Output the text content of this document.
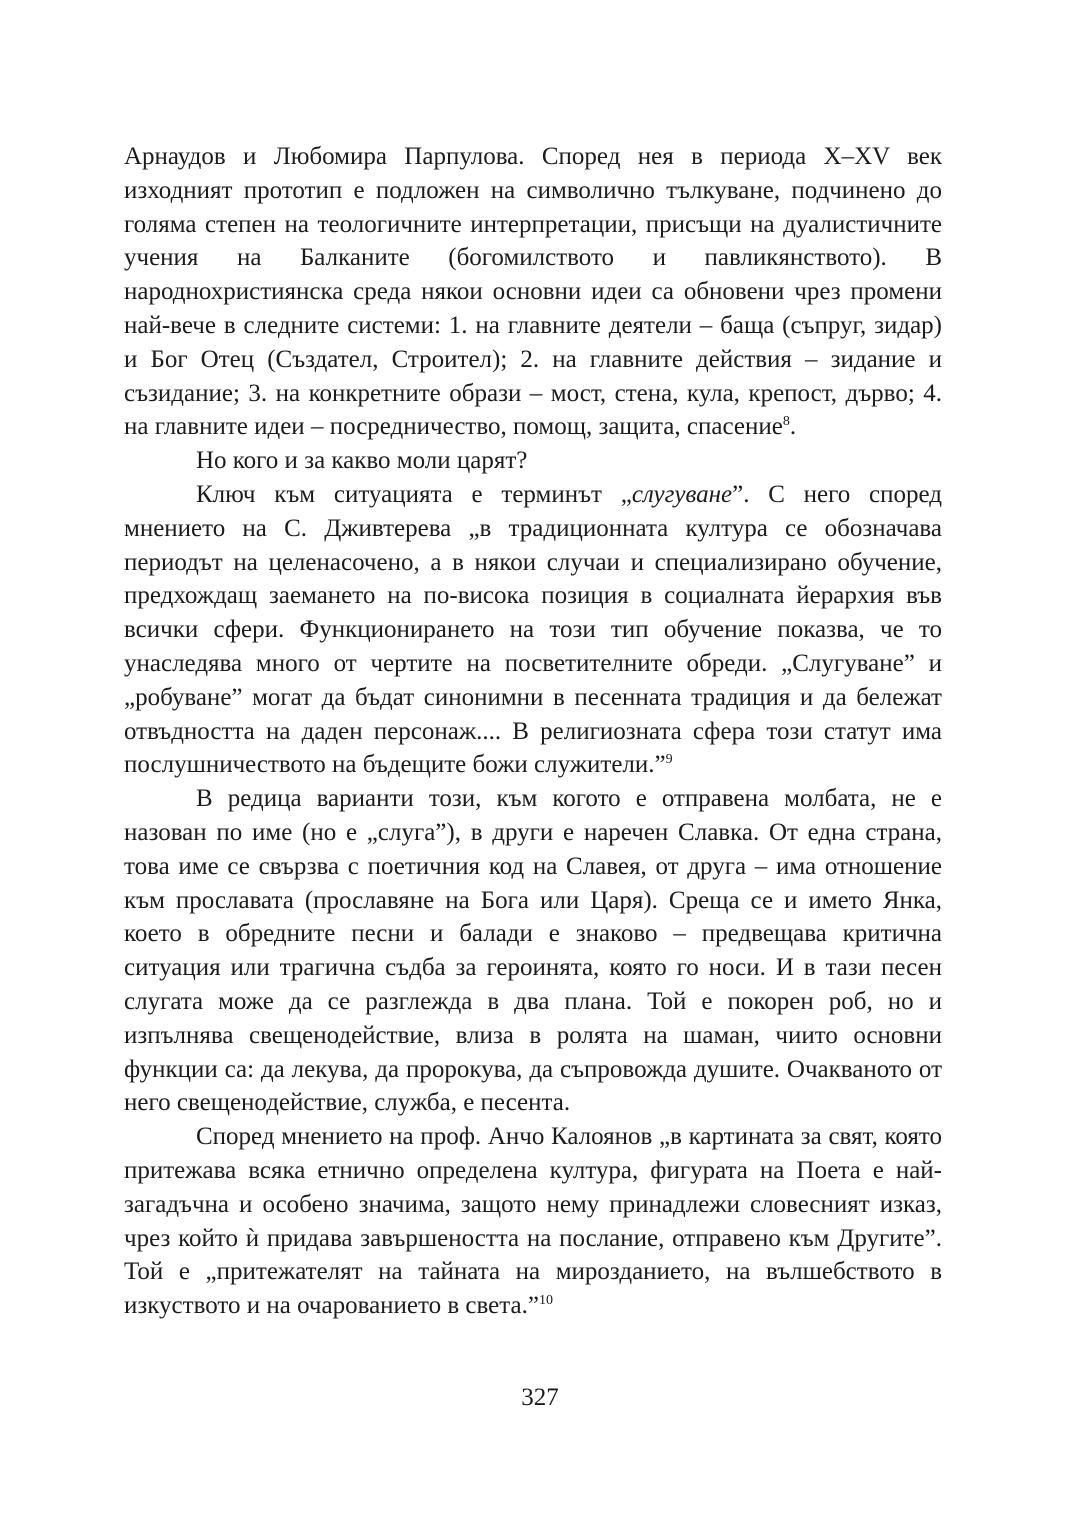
Арнаудов и Любомира Парпулова. Според нея в периода X–XV век изходният прототип е подложен на символично тълкуване, подчинено до голяма степен на теологичните интерпретации, присъщи на дуалистичните учения на Балканите (богомилството и павликянството). В народнохристиянска среда някои основни идеи са обновени чрез промени най-вече в следните системи: 1. на главните деятели – баща (съпруг, зидар) и Бог Отец (Създател, Строител); 2. на главните действия – зидание и съзидание; 3. на конкретните образи – мост, стена, кула, крепост, дърво; 4. на главните идеи – посредничество, помощ, защита, спасение$^8$.

Но кого и за какво моли царят?

Ключ към ситуацията е терминът „слугуване”. С него според мнението на С. Дживтерева „в традиционната култура се обозначава периодът на целенасочено, а в някои случаи и специализирано обучение, предхождащ заемането на по-висока позиция в социалната йерархия във всички сфери. Функционирането на този тип обучение показва, че то унаследява много от чертите на посветителните обреди. „Слугуване” и „робуване” могат да бъдат синонимни в песенната традиция и да бележат отвъдността на даден персонаж.... В религиозната сфера този статут има послушничеството на бъдещите божи служители.”$^9$

В редица варианти този, към когото е отправена молбата, не е назован по име (но е „слуга”), в други е наречен Славка. От една страна, това име се свързва с поетичния код на Славея, от друга – има отношение към прославата (прославяне на Бога или Царя). Среща се и името Янка, което в обредните песни и балади е знаково – предвещава критична ситуация или трагична съдба за героинята, която го носи. И в тази песен слугата може да се разглежда в два плана. Той е покорен роб, но и изпълнява свещенодействие, влиза в ролята на шаман, чиито основни функции са: да лекува, да пророкува, да съпровожда душите. Очакваното от него свещенодействие, служба, е песента.

Според мнението на проф. Анчо Калоянов „в картината за свят, която притежава всяка етнично определена култура, фигурата на Поета е най-загадъчна и особено значима, защото нему принадлежи словесният изказ, чрез който ѝ придава завършеността на послание, отправено към Другите”. Той е „притежателят на тайната на мирозданието, на вълшебството в изкуството и на очарованието в света.”$^{10}$

327
